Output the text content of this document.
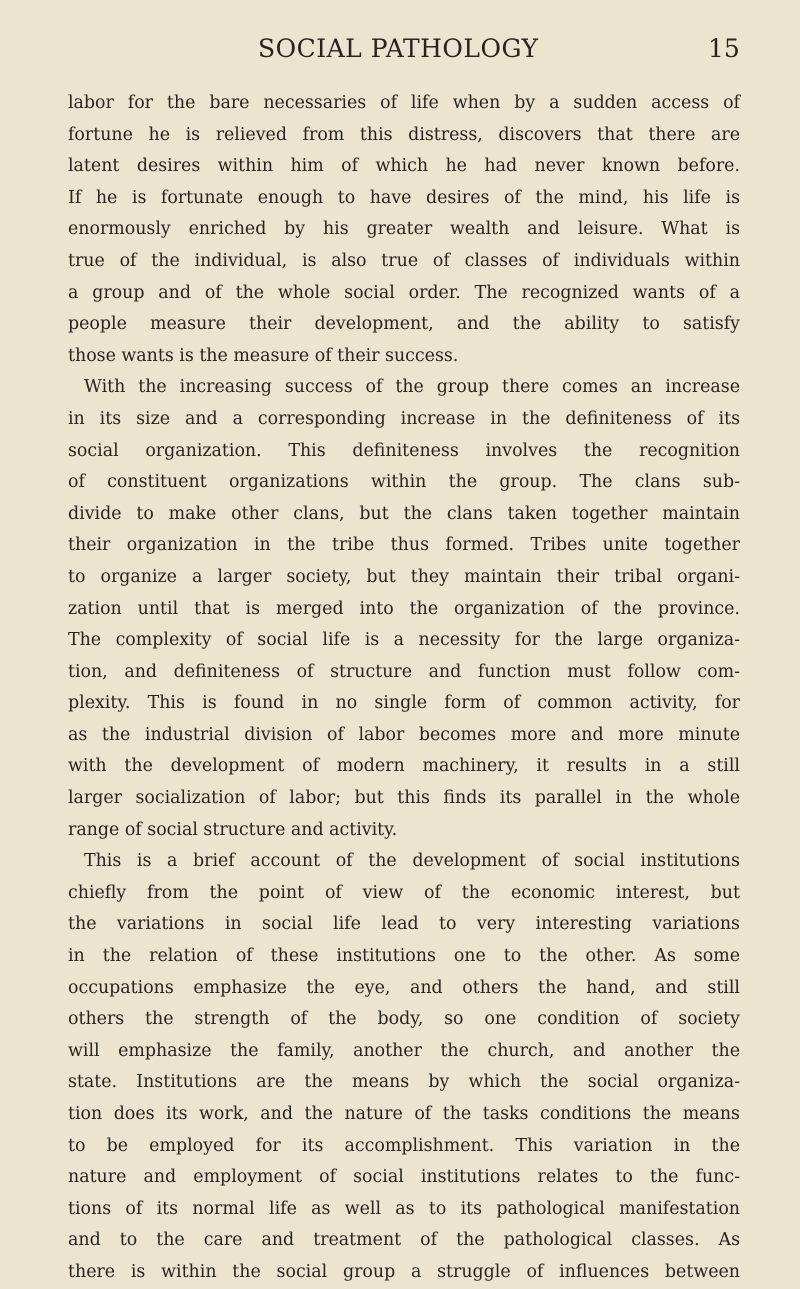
SOCIAL PATHOLOGY	15
labor for the bare necessaries of life when by a sudden access of
fortune he is relieved from this distress, discovers that there are
latent desires within him of which he had never known before.
If he is fortunate enough to have desires of the mind, his life is
enormously enriched by his greater wealth and leisure. What is
true of the individual, is also true of classes of individuals within
a group and of the whole social order. The recognized wants of a
people measure their development, and the ability to satisfy
those wants is the measure of their success.
With the increasing success of the group there comes an increase
in its size and a corresponding increase in the definiteness of its
social organization. This definiteness involves the recognition
of constituent organizations within the group. The clans sub-
divide to make other clans, but the clans taken together maintain
their organization in the tribe thus formed. Tribes unite together
to organize a larger society, but they maintain their tribal organi-
zation until that is merged into the organization of the province.
The complexity of social life is a necessity for the large organiza-
tion, and definiteness of structure and function must follow com-
plexity. This is found in no single form of common activity, for
as the industrial division of labor becomes more and more minute
with the development of modern machinery, it results in a still
larger socialization of labor; but this finds its parallel in the whole
range of social structure and activity.
This is a brief account of the development of social institutions
chiefly from the point of view of the economic interest, but
the variations in social life lead to very interesting variations
in the relation of these institutions one to the other. As some
occupations emphasize the eye, and others the hand, and still
others the strength of the body, so one condition of society
will emphasize the family, another the church, and another the
state. Institutions are the means by which the social organiza-
tion does its work, and the nature of the tasks conditions the means
to be employed for its accomplishment. This variation in the
nature and employment of social institutions relates to the func-
tions of its normal life as well as to its pathological manifestation
and to the care and treatment of the pathological classes. As
there is within the social group a struggle of influences between
